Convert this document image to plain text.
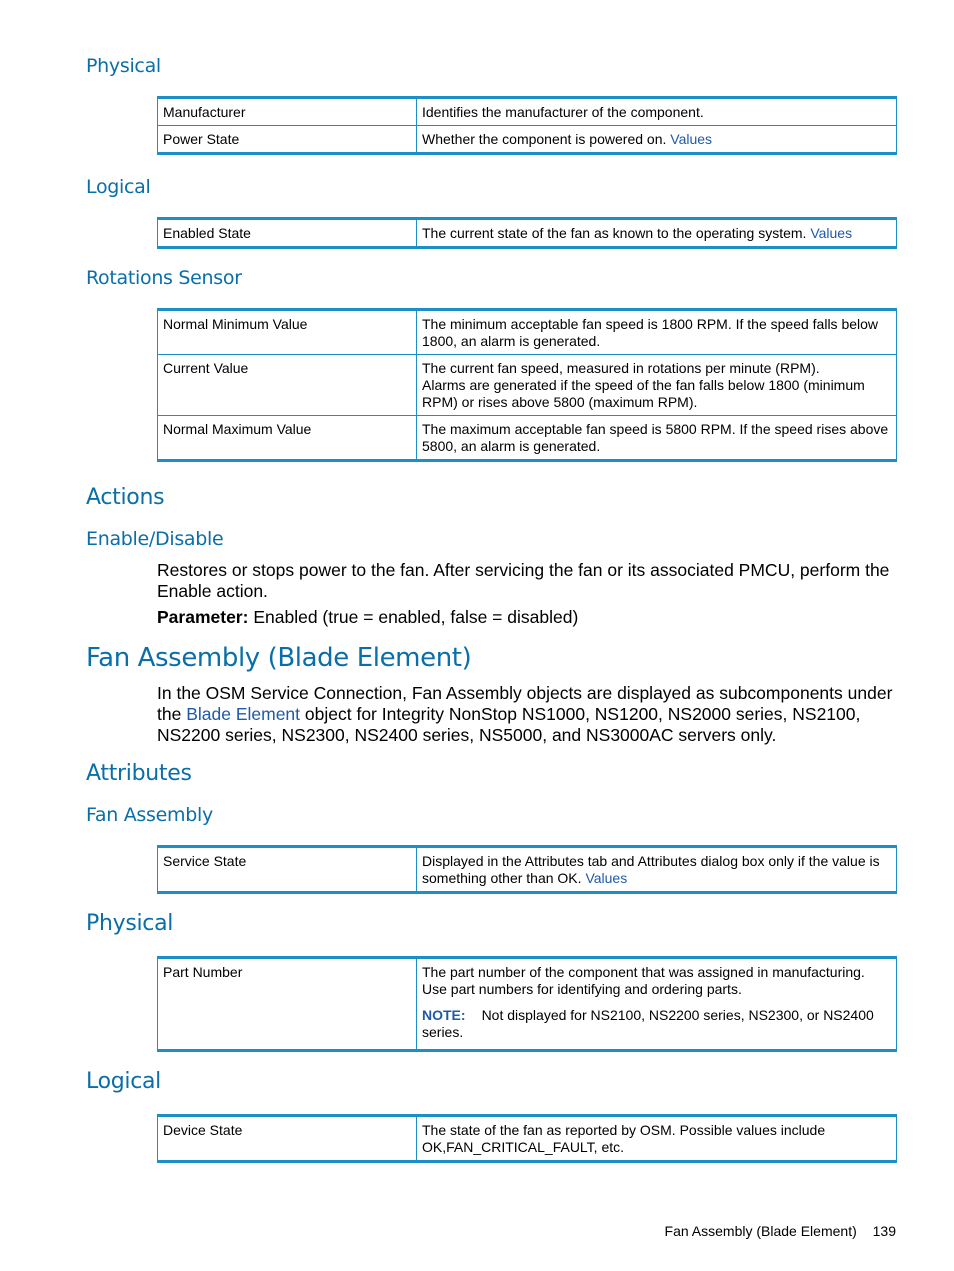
Physical
Manufacturer	Identifies the manufacturer of the component.
Power State	Whether the component is powered on. Values
Logical
Enabled State	The current state of the fan as known to the operating system. Values
Rotations Sensor
Normal Minimum Value	The minimum acceptable fan speed is 1800 RPM. If the speed falls below 1800, an alarm is generated.
Current Value	The current fan speed, measured in rotations per minute (RPM).
Alarms are generated if the speed of the fan falls below 1800 (minimum RPM) or rises above 5800 (maximum RPM).

Normal Maximum Value	The maximum acceptable fan speed is 5800 RPM. If the speed rises above 5800, an alarm is generated.
Actions
Enable/Disable

Restores or stops power to the fan. After servicing the fan or its associated PMCU, perform the Enable action.

Parameter: Enabled (true = enabled, false = disabled)

Fan Assembly (Blade Element)

In the OSM Service Connection, Fan Assembly objects are displayed as subcomponents under the Blade Element object for Integrity NonStop NS1000, NS1200, NS2000 series, NS2100, NS2200 series, NS2300, NS2400 series, NS5000, and NS3000AC servers only.

Attributes
Fan Assembly
Service State	Displayed in the Attributes tab and Attributes dialog box only if the value is something other than OK. Values
Physical
Part Number	The part number of the component that was assigned in manufacturing. Use part numbers for identifying and ordering parts.
NOTE: Not displayed for NS2100, NS2200 series, NS2300, or NS2400 series.
Logical
Device State	The state of the fan as reported by OSM. Possible values include OK,FAN_CRITICAL_FAULT, etc.
Fan Assembly (Blade Element) 139
